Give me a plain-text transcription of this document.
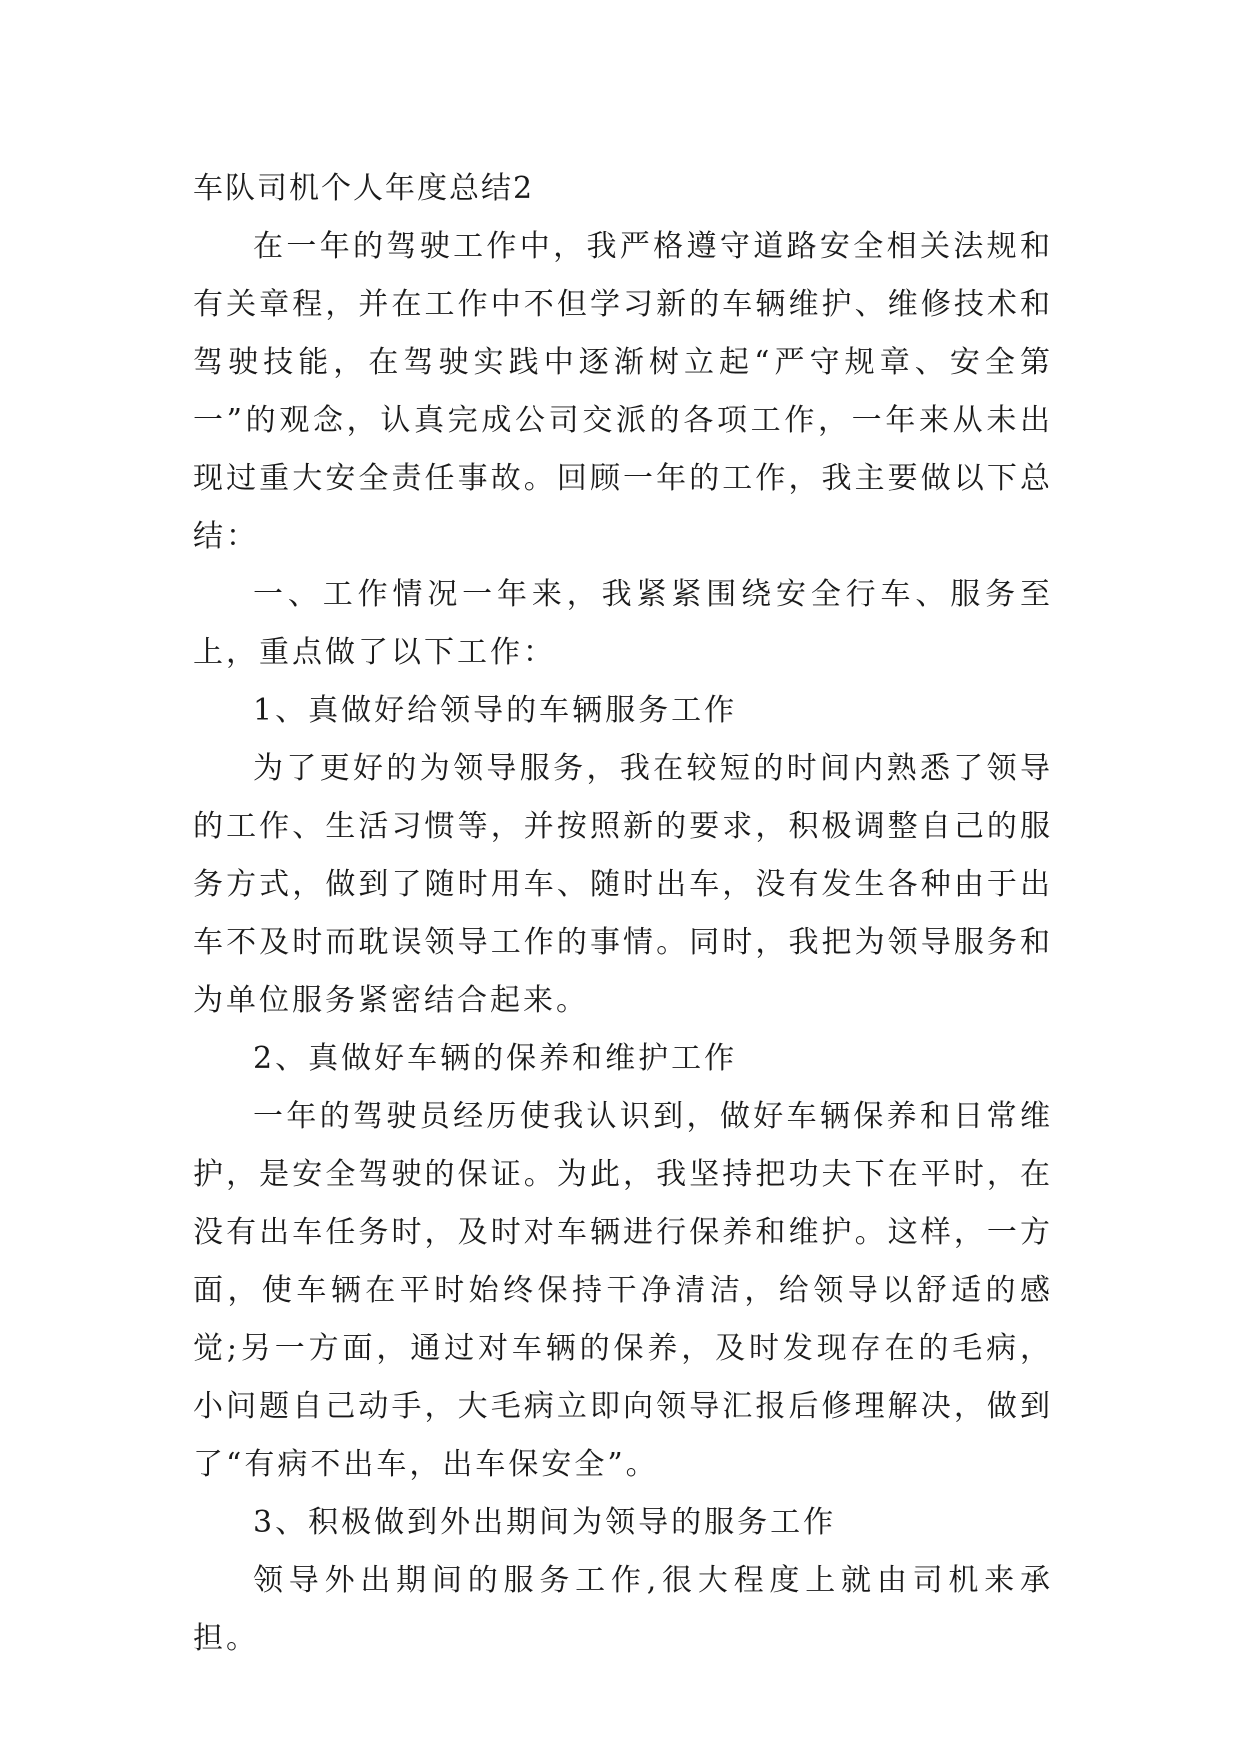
车队司机个人年度总结2

在一年的驾驶工作中，我严格遵守道路安全相关法规和有关章程，并在工作中不但学习新的车辆维护、维修技术和驾驶技能，在驾驶实践中逐渐树立起“严守规章、安全第一”的观念，认真完成公司交派的各项工作，一年来从未出现过重大安全责任事故。回顾一年的工作，我主要做以下总结：

一、工作情况一年来，我紧紧围绕安全行车、服务至上，重点做了以下工作：

1、真做好给领导的车辆服务工作

为了更好的为领导服务，我在较短的时间内熟悉了领导的工作、生活习惯等，并按照新的要求，积极调整自己的服务方式，做到了随时用车、随时出车，没有发生各种由于出车不及时而耽误领导工作的事情。同时，我把为领导服务和为单位服务紧密结合起来。

2、真做好车辆的保养和维护工作

一年的驾驶员经历使我认识到，做好车辆保养和日常维护，是安全驾驶的保证。为此，我坚持把功夫下在平时，在没有出车任务时，及时对车辆进行保养和维护。这样，一方面，使车辆在平时始终保持干净清洁，给领导以舒适的感觉;另一方面，通过对车辆的保养，及时发现存在的毛病，小问题自己动手，大毛病立即向领导汇报后修理解决，做到了“有病不出车，出车保安全”。

3、积极做到外出期间为领导的服务工作

领导外出期间的服务工作,很大程度上就由司机来承担。
